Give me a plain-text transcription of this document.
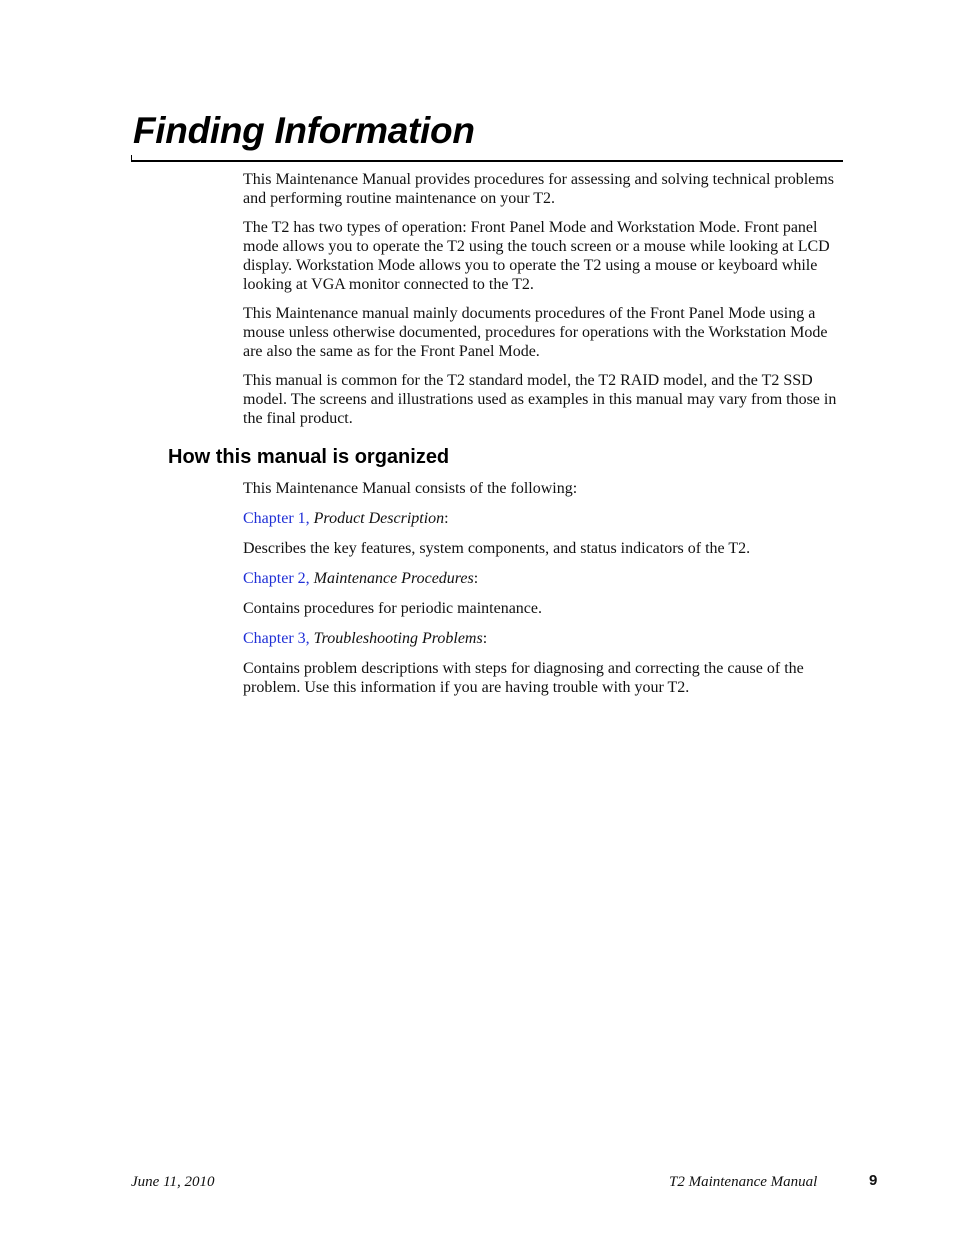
Finding Information

This Maintenance Manual provides procedures for assessing and solving technical problems and performing routine maintenance on your T2.

The T2 has two types of operation: Front Panel Mode and Workstation Mode. Front panel mode allows you to operate the T2 using the touch screen or a mouse while looking at LCD display. Workstation Mode allows you to operate the T2 using a mouse or keyboard while looking at VGA monitor connected to the T2.

This Maintenance manual mainly documents procedures of the Front Panel Mode using a mouse unless otherwise documented, procedures for operations with the Workstation Mode are also the same as for the Front Panel Mode.

This manual is common for the T2 standard model, the T2 RAID model, and the T2 SSD model. The screens and illustrations used as examples in this manual may vary from those in the final product.

How this manual is organized

This Maintenance Manual consists of the following:

Chapter 1, Product Description:

Describes the key features, system components, and status indicators of the T2.

Chapter 2, Maintenance Procedures:

Contains procedures for periodic maintenance.

Chapter 3, Troubleshooting Problems:

Contains problem descriptions with steps for diagnosing and correcting the cause of the problem. Use this information if you are having trouble with your T2.

June 11, 2010	T2 Maintenance Manual	9
